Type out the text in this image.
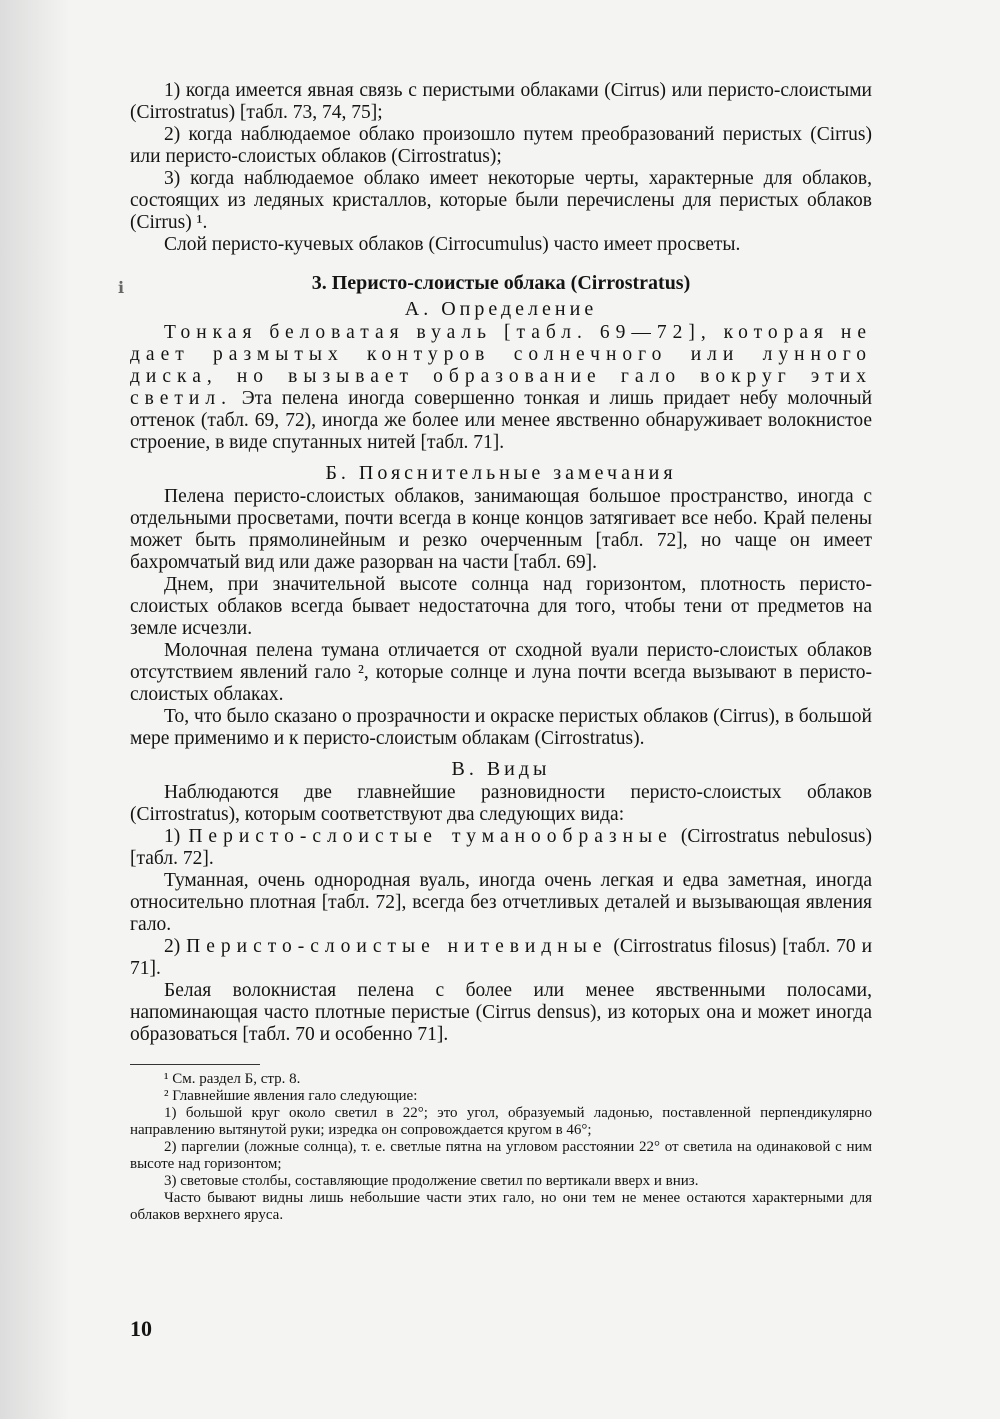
ℹ

1) когда имеется явная связь с перистыми облаками (Cirrus) или перисто-слоистыми (Cirrostratus) [табл. 73, 74, 75];

2) когда наблюдаемое облако произошло путем преобразований перистых (Cirrus) или перисто-слоистых облаков (Cirrostratus);

3) когда наблюдаемое облако имеет некоторые черты, характерные для облаков, состоящих из ледяных кристаллов, которые были перечислены для перистых облаков (Cirrus) ¹.

Слой перисто-кучевых облаков (Cirrocumulus) часто имеет просветы.

3. Перисто-слоистые облака (Cirrostratus)
А. Определение

Тонкая беловатая вуаль [табл. 69—72], которая не дает размытых контуров солнечного или лунного диска, но вызывает образование гало вокруг этих светил. Эта пелена иногда совершенно тонкая и лишь придает небу молочный оттенок (табл. 69, 72), иногда же более или менее явственно обнаруживает волокнистое строение, в виде спутанных нитей [табл. 71].

Б. Пояснительные замечания

Пелена перисто-слоистых облаков, занимающая большое пространство, иногда с отдельными просветами, почти всегда в конце концов затягивает все небо. Край пелены может быть прямолинейным и резко очерченным [табл. 72], но чаще он имеет бахромчатый вид или даже разорван на части [табл. 69].

Днем, при значительной высоте солнца над горизонтом, плотность перисто-слоистых облаков всегда бывает недостаточна для того, чтобы тени от предметов на земле исчезли.

Молочная пелена тумана отличается от сходной вуали перисто-слоистых облаков отсутствием явлений гало ², которые солнце и луна почти всегда вызывают в перисто-слоистых облаках.

То, что было сказано о прозрачности и окраске перистых облаков (Cirrus), в большой мере применимо и к перисто-слоистым облакам (Cirrostratus).

В. Виды

Наблюдаются две главнейшие разновидности перисто-слоистых облаков (Cirrostratus), которым соответствуют два следующих вида:

1) Перисто-слоистые туманообразные (Cirrostratus nebulosus) [табл. 72].

Туманная, очень однородная вуаль, иногда очень легкая и едва заметная, иногда относительно плотная [табл. 72], всегда без отчетливых деталей и вызывающая явления гало.

2) Перисто-слоистые нитевидные (Cirrostratus filosus) [табл. 70 и 71].

Белая волокнистая пелена с более или менее явственными полосами, напоминающая часто плотные перистые (Cirrus densus), из которых она и может иногда образоваться [табл. 70 и особенно 71].

¹ См. раздел Б, стр. 8.

² Главнейшие явления гало следующие:

1) большой круг около светил в 22°; это угол, образуемый ладонью, поставленной перпендикулярно направлению вытянутой руки; изредка он сопровождается кругом в 46°;

2) паргелии (ложные солнца), т. е. светлые пятна на угловом расстоянии 22° от светила на одинаковой с ним высоте над горизонтом;

3) световые столбы, составляющие продолжение светил по вертикали вверх и вниз.

Часто бывают видны лишь небольшие части этих гало, но они тем не менее остаются характерными для облаков верхнего яруса.

10
